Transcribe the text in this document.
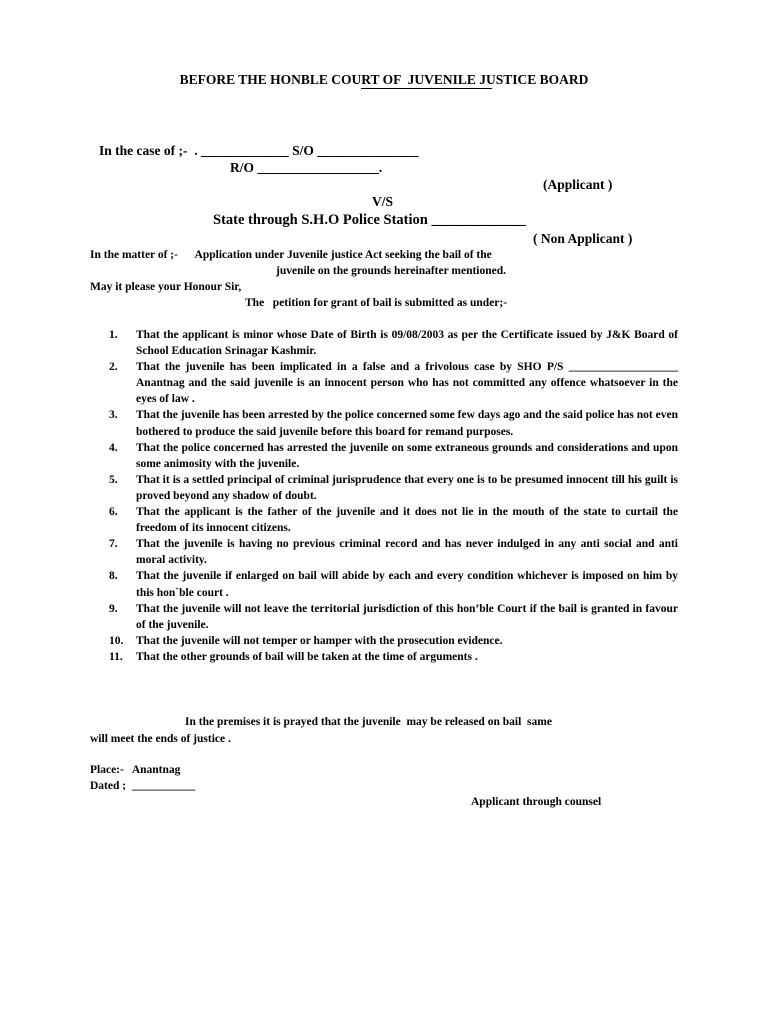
BEFORE THE HONBLE COURT OF  JUVENILE JUSTICE BOARD
In the case of ;-  . _____________ S/O _______________
R/O __________________.
(Applicant )
V/S
State through S.H.O Police Station _____________
( Non Applicant )
In the matter of ;-      Application under Juvenile justice Act seeking the bail of the
juvenile on the grounds hereinafter mentioned.
May it please your Honour Sir,
The   petition for grant of bail is submitted as under;-
1.	That the applicant is minor whose Date of Birth is 09/08/2003 as per the Certificate issued by J&K Board of School Education Srinagar Kashmir.
2.	That the juvenile has been implicated in a false and a frivolous case by SHO P/S ___________________ Anantnag and the said juvenile is an innocent person who has not committed any offence whatsoever in the eyes of law .
3.	That the juvenile has been arrested by the police concerned some few days ago and the said police has not even bothered to produce the said juvenile before this board for remand purposes.
4.	That the police concerned has arrested the juvenile on some extraneous grounds and considerations and upon some animosity with the juvenile.
5.	That it is a settled principal of criminal jurisprudence that every one is to be presumed innocent till his guilt is proved beyond any shadow of doubt.
6.	That the applicant is the father of the juvenile and it does not lie in the mouth of the state to curtail the freedom of its innocent citizens.
7.	That the juvenile is having no previous criminal record and has never indulged in any anti social and anti moral activity.
8.	That the juvenile if enlarged on bail will abide by each and every condition whichever is imposed on him by this hon`ble court .
9.	That the juvenile will not leave the territorial jurisdiction of this hon’ble Court if the bail is granted in favour of the juvenile.
10.	That the juvenile will not temper or hamper with the prosecution evidence.
11.	That the other grounds of bail will be taken at the time of arguments .
In the premises it is prayed that the juvenile  may be released on bail  same
will meet the ends of justice .
Place:-   Anantnag
Dated ;  ___________
Applicant through counsel
